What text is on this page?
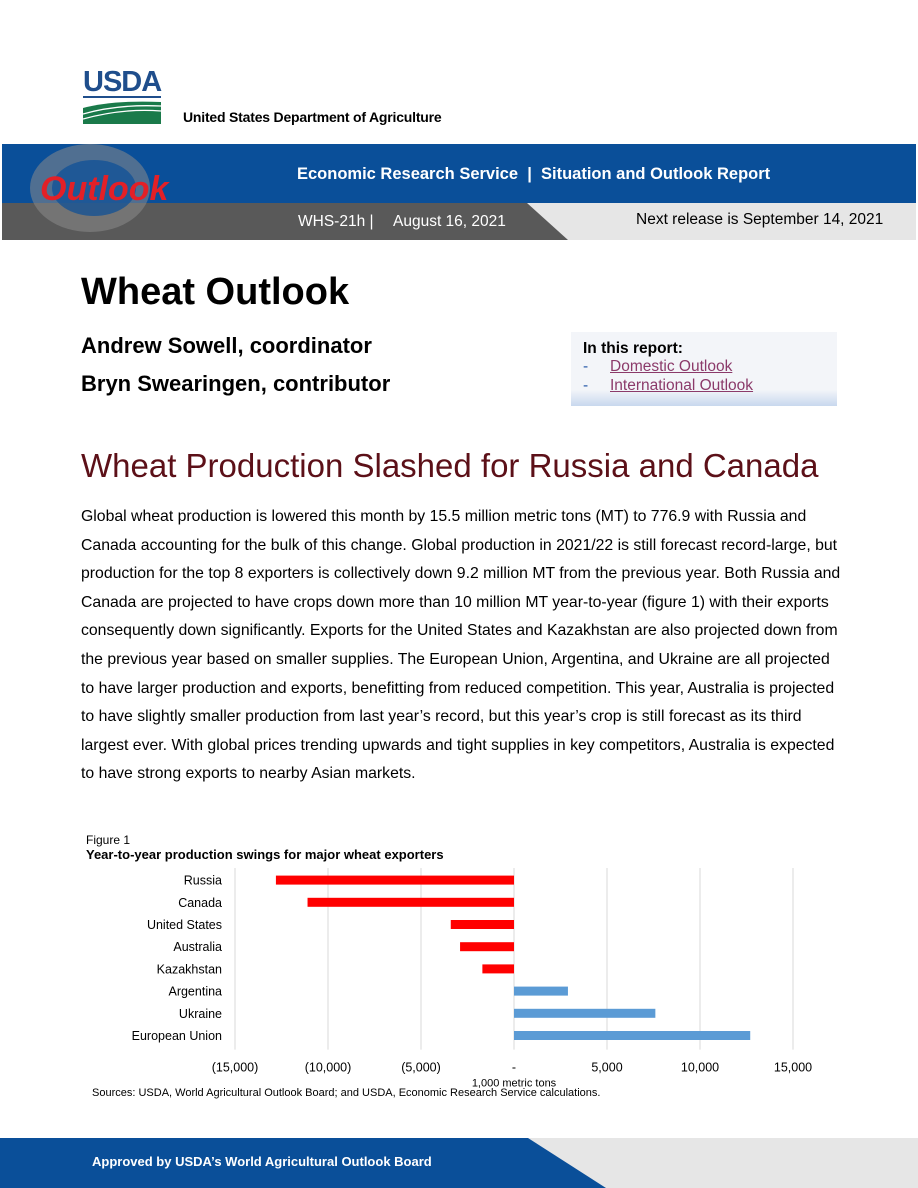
USDA
United States Department of Agriculture
Outlook	Economic Research Service  |  Situation and Outlook Report
WHS-21h | August 16, 2021	Next release is September 14, 2021
Wheat Outlook
Andrew Sowell, coordinator
Bryn Swearingen, contributor
In this report:
- Domestic Outlook
- International Outlook
Wheat Production Slashed for Russia and Canada

Global wheat production is lowered this month by 15.5 million metric tons (MT) to 776.9 with Russia and Canada accounting for the bulk of this change. Global production in 2021/22 is still forecast record-large, but production for the top 8 exporters is collectively down 9.2 million MT from the previous year. Both Russia and Canada are projected to have crops down more than 10 million MT year-to-year (figure 1) with their exports consequently down significantly. Exports for the United States and Kazakhstan are also projected down from the previous year based on smaller supplies. The European Union, Argentina, and Ukraine are all projected to have larger production and exports, benefitting from reduced competition. This year, Australia is projected to have slightly smaller production from last year’s record, but this year’s crop is still forecast as its third largest ever. With global prices trending upwards and tight supplies in key competitors, Australia is expected to have strong exports to nearby Asian markets.

Figure 1
Year-to-year production swings for major wheat exporters
(15,000)	(10,000)	(5,000)	-	5,000	10,000	15,000
Russia
Canada
United States
Australia
Kazakhstan
Argentina
Ukraine
European Union
1,000 metric tons
Sources: USDA, World Agricultural Outlook Board; and USDA, Economic Research Service calculations.
Approved by USDA’s World Agricultural Outlook Board
